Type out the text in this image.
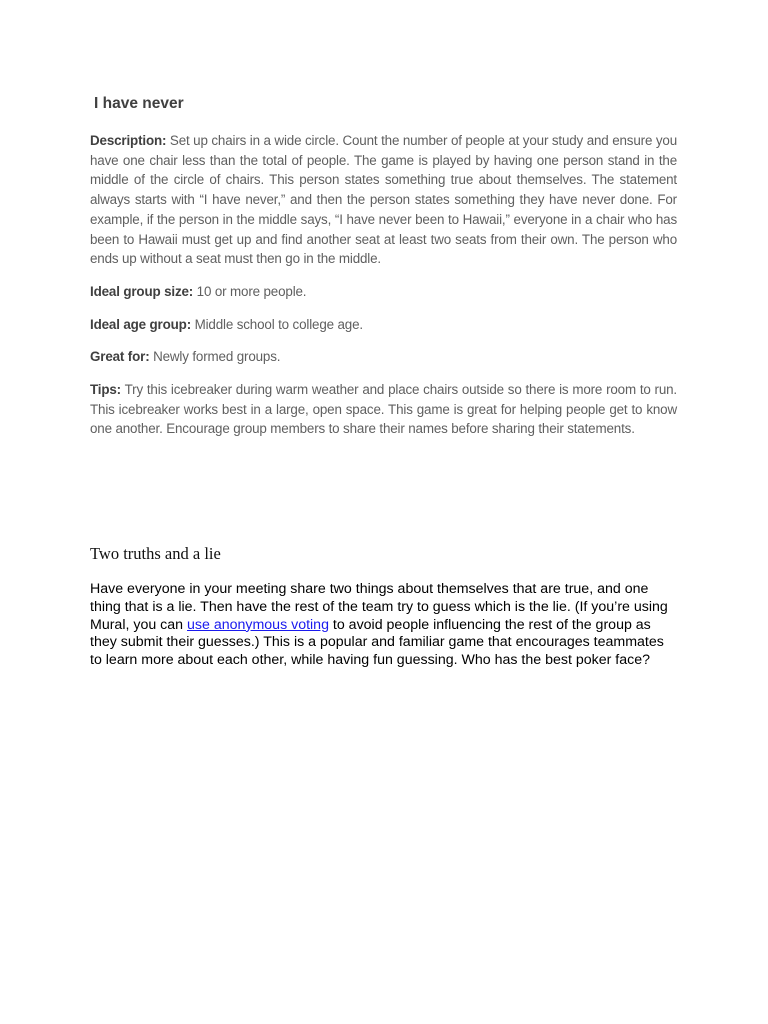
I have never

Description: Set up chairs in a wide circle. Count the number of people at your study and ensure you have one chair less than the total of people. The game is played by having one person stand in the middle of the circle of chairs. This person states something true about themselves. The statement always starts with “I have never,” and then the person states something they have never done. For example, if the person in the middle says, “I have never been to Hawaii,” everyone in a chair who has been to Hawaii must get up and find another seat at least two seats from their own. The person who ends up without a seat must then go in the middle.

Ideal group size: 10 or more people.

Ideal age group: Middle school to college age.

Great for: Newly formed groups.

Tips: Try this icebreaker during warm weather and place chairs outside so there is more room to run. This icebreaker works best in a large, open space. This game is great for helping people get to know one another. Encourage group members to share their names before sharing their statements.

Two truths and a lie

Have everyone in your meeting share two things about themselves that are true, and one thing that is a lie. Then have the rest of the team try to guess which is the lie. (If you’re using Mural, you can use anonymous voting to avoid people influencing the rest of the group as they submit their guesses.) This is a popular and familiar game that encourages teammates to learn more about each other, while having fun guessing. Who has the best poker face?
